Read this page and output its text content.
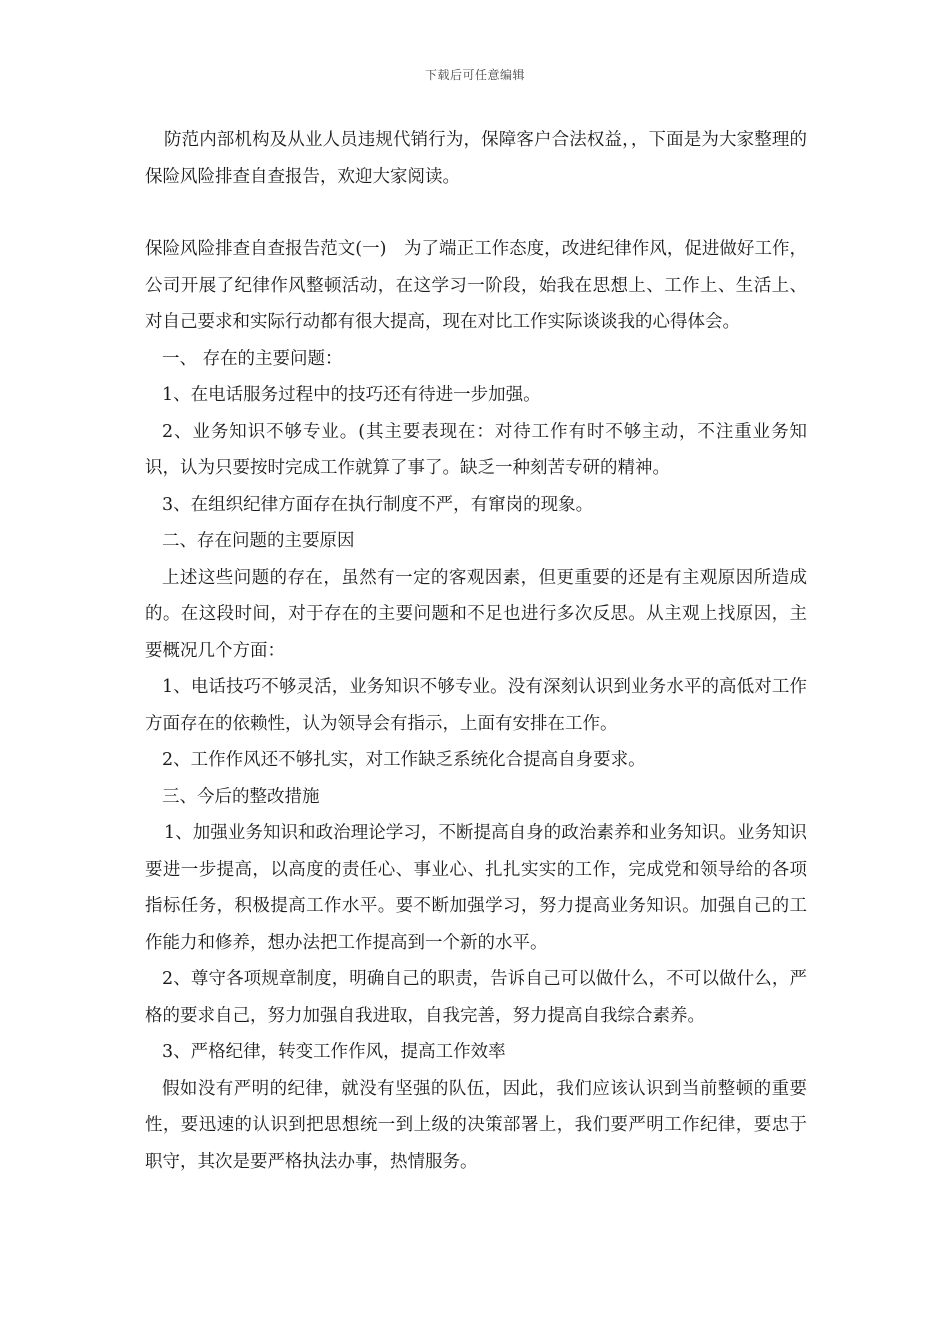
下载后可任意编辑

防范内部机构及从业人员违规代销行为，保障客户合法权益，，下面是为大家整理的保险风险排查自查报告，欢迎大家阅读。

保险风险排查自查报告范文(一)　为了端正工作态度，改进纪律作风，促进做好工作，公司开展了纪律作风整顿活动，在这学习一阶段，始我在思想上、工作上、生活上、对自己要求和实际行动都有很大提高，现在对比工作实际谈谈我的心得体会。

一、 存在的主要问题：

1、在电话服务过程中的技巧还有待进一步加强。

2、业务知识不够专业。(其主要表现在：对待工作有时不够主动，不注重业务知识，认为只要按时完成工作就算了事了。缺乏一种刻苦专研的精神。

3、在组织纪律方面存在执行制度不严，有窜岗的现象。

二、存在问题的主要原因

上述这些问题的存在，虽然有一定的客观因素，但更重要的还是有主观原因所造成的。在这段时间，对于存在的主要问题和不足也进行多次反思。从主观上找原因，主要概况几个方面：

1、电话技巧不够灵活，业务知识不够专业。没有深刻认识到业务水平的高低对工作方面存在的依赖性，认为领导会有指示，上面有安排在工作。

2、工作作风还不够扎实，对工作缺乏系统化合提高自身要求。

三、今后的整改措施

1、加强业务知识和政治理论学习，不断提高自身的政治素养和业务知识。业务知识要进一步提高，以高度的责任心、事业心、扎扎实实的工作，完成党和领导给的各项指标任务，积极提高工作水平。要不断加强学习，努力提高业务知识。加强自己的工作能力和修养，想办法把工作提高到一个新的水平。

2、尊守各项规章制度，明确自己的职责，告诉自己可以做什么，不可以做什么，严格的要求自己，努力加强自我进取，自我完善，努力提高自我综合素养。

3、严格纪律，转变工作作风，提高工作效率

假如没有严明的纪律，就没有坚强的队伍，因此，我们应该认识到当前整顿的重要性，要迅速的认识到把思想统一到上级的决策部署上，我们要严明工作纪律，要忠于职守，其次是要严格执法办事，热情服务。
